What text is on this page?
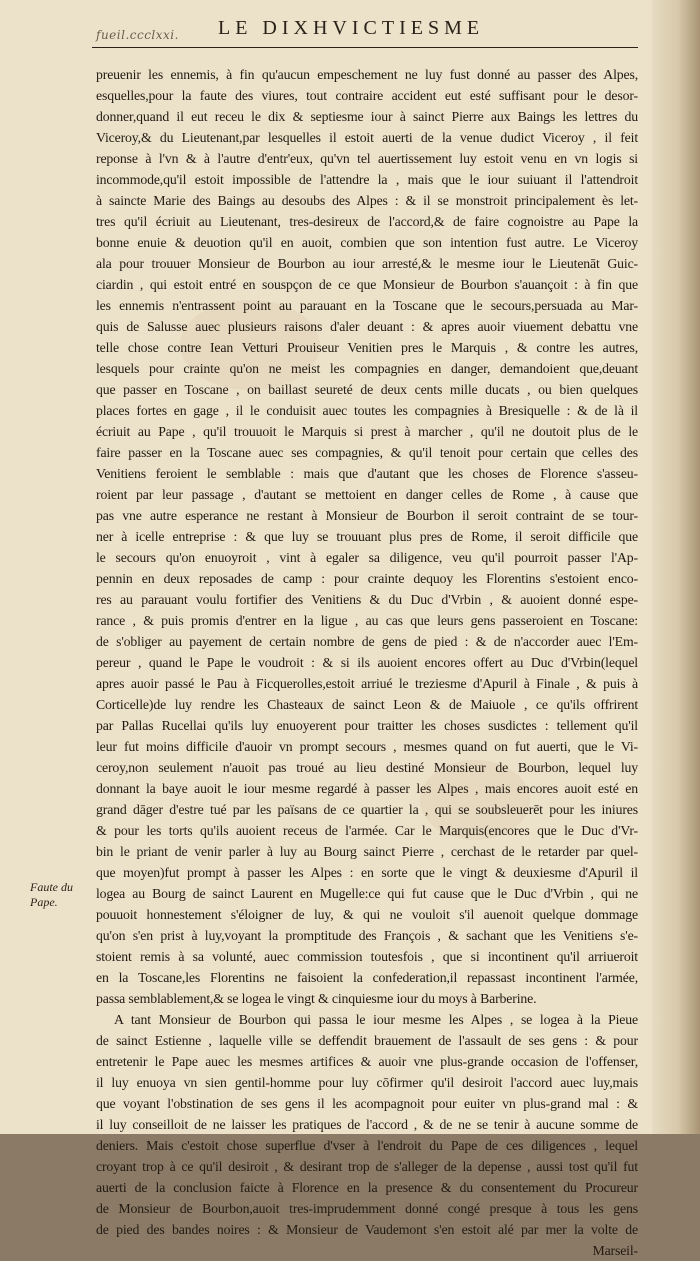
fueil.ccclxxi. LE DIXHVICTIESME
Faute du
Pape.
preuenir les ennemis, à fin qu'aucun empeschement ne luy fust donné au passer des Alpes,
esquelles,pour la faute des viures, tout contraire accident eut esté suffisant pour le desor-
donner,quand il eut receu le dix & septiesme iour à sainct Pierre aux Baings les lettres du
Viceroy,& du Lieutenant,par lesquelles il estoit auerti de la venue dudict Viceroy , il feit
reponse à l'vn & à l'autre d'entr'eux, qu'vn tel auertissement luy estoit venu en vn logis si
incommode,qu'il estoit impossible de l'attendre la , mais que le iour suiuant il l'attendroit
à saincte Marie des Baings au desoubs des Alpes : & il se monstroit principalement ès let-
tres qu'il écriuit au Lieutenant, tres-desireux de l'accord,& de faire cognoistre au Pape la
bonne enuie & deuotion qu'il en auoit, combien que son intention fust autre. Le Viceroy
ala pour trouuer Monsieur de Bourbon au iour arresté,& le mesme iour le Lieutenāt Guic-
ciardin , qui estoit entré en souspçon de ce que Monsieur de Bourbon s'auançoit : à fin que
les ennemis n'entrassent point au parauant en la Toscane que le secours,persuada au Mar-
quis de Salusse auec plusieurs raisons d'aler deuant : & apres auoir viuement debattu vne
telle chose contre Iean Vetturi Prouiseur Venitien pres le Marquis , & contre les autres,
lesquels pour crainte qu'on ne meist les compagnies en danger, demandoient que,deuant
que passer en Toscane , on baillast seureté de deux cents mille ducats , ou bien quelques
places fortes en gage , il le conduisit auec toutes les compagnies à Bresiquelle : & de là il
écriuit au Pape , qu'il trouuoit le Marquis si prest à marcher , qu'il ne doutoit plus de le
faire passer en la Toscane auec ses compagnies, & qu'il tenoit pour certain que celles des
Venitiens feroient le semblable : mais que d'autant que les choses de Florence s'asseu-
roient par leur passage , d'autant se mettoient en danger celles de Rome , à cause que
pas vne autre esperance ne restant à Monsieur de Bourbon il seroit contraint de se tour-
ner à icelle entreprise : & que luy se trouuant plus pres de Rome, il seroit difficile que
le secours qu'on enuoyroit , vint à egaler sa diligence, veu qu'il pourroit passer l'Ap-
pennin en deux reposades de camp : pour crainte dequoy les Florentins s'estoient enco-
res au parauant voulu fortifier des Venitiens & du Duc d'Vrbin , & auoient donné espe-
rance , & puis promis d'entrer en la ligue , au cas que leurs gens passeroient en Toscane:
de s'obliger au payement de certain nombre de gens de pied : & de n'accorder auec l'Em-
pereur , quand le Pape le voudroit : & si ils auoient encores offert au Duc d'Vrbin(lequel
apres auoir passé le Pau à Ficquerolles,estoit arriué le treziesme d'Apuril à Finale , & puis à
Corticelle)de luy rendre les Chasteaux de sainct Leon & de Maiuole , ce qu'ils offrirent
par Pallas Rucellai qu'ils luy enuoyerent pour traitter les choses susdictes : tellement qu'il
leur fut moins difficile d'auoir vn prompt secours , mesmes quand on fut auerti, que le Vi-
ceroy,non seulement n'auoit pas troué au lieu destiné Monsieur de Bourbon, lequel luy
donnant la baye auoit le iour mesme regardé à passer les Alpes , mais encores auoit esté en
grand dāger d'estre tué par les païsans de ce quartier la , qui se soubsleuerēt pour les iniures
& pour les torts qu'ils auoient receus de l'armée. Car le Marquis(encores que le Duc d'Vr-
bin le priant de venir parler à luy au Bourg sainct Pierre , cerchast de le retarder par quel-
que moyen)fut prompt à passer les Alpes : en sorte que le vingt & deuxiesme d'Apuril il
logea au Bourg de sainct Laurent en Mugelle:ce qui fut cause que le Duc d'Vrbin , qui ne
pouuoit honnestement s'éloigner de luy, & qui ne vouloit s'il auenoit quelque dommage
qu'on s'en prist à luy,voyant la promptitude des François , & sachant que les Venitiens s'e-
stoient remis à sa volunté, auec commission toutesfois , que si incontinent qu'il arriueroit
en la Toscane,les Florentins ne faisoient la confederation,il repassast incontinent l'armée,
passa semblablement,& se logea le vingt & cinquiesme iour du moys à Barberine.
A tant Monsieur de Bourbon qui passa le iour mesme les Alpes , se logea à la Pieue
de sainct Estienne , laquelle ville se deffendit brauement de l'assault de ses gens : & pour
entretenir le Pape auec les mesmes artifices & auoir vne plus-grande occasion de l'offenser,
il luy enuoya vn sien gentil-homme pour luy cōfirmer qu'il desiroit l'accord auec luy,mais
que voyant l'obstination de ses gens il les acompagnoit pour euiter vn plus-grand mal : &
il luy conseilloit de ne laisser les pratiques de l'accord , & de ne se tenir à aucune somme de
deniers. Mais c'estoit chose superflue d'vser à l'endroit du Pape de ces diligences , lequel
croyant trop à ce qu'il desiroit , & desirant trop de s'alleger de la depense , aussi tost qu'il fut
auerti de la conclusion faicte à Florence en la presence & du consentement du Procureur
de Monsieur de Bourbon,auoit tres-imprudemment donné congé presque à tous les gens
de pied des bandes noires : & Monsieur de Vaudemont s'en estoit alé par mer la volte de
Marseil-
